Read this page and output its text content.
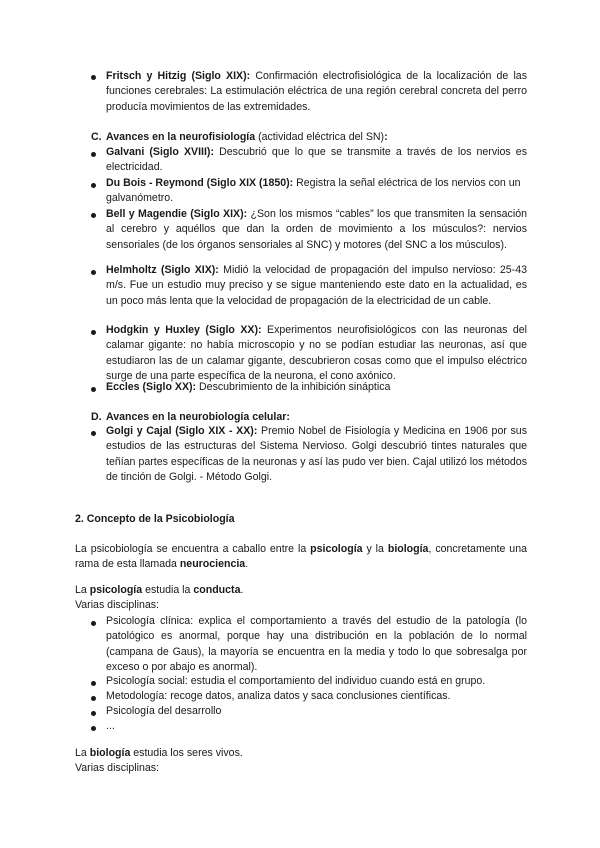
Fritsch y Hitzig (Siglo XIX): Confirmación electrofisiológica de la localización de las funciones cerebrales: La estimulación eléctrica de una región cerebral concreta del perro producía movimientos de las extremidades.
C. Avances en la neurofisiología (actividad eléctrica del SN):
Galvani (Siglo XVIII): Descubrió que lo que se transmite a través de los nervios es electricidad.
Du Bois - Reymond (Siglo XIX (1850): Registra la señal eléctrica de los nervios con un galvanómetro.
Bell y Magendie (Siglo XIX): ¿Son los mismos “cables” los que transmiten la sensación al cerebro y aquéllos que dan la orden de movimiento a los músculos?: nervios sensoriales (de los órganos sensoriales al SNC) y motores (del SNC a los músculos).
Helmholtz (Siglo XIX): Midió la velocidad de propagación del impulso nervioso: 25-43 m/s. Fue un estudio muy preciso y se sigue manteniendo este dato en la actualidad, es un poco más lenta que la velocidad de propagación de la electricidad de un cable.
Hodgkin y Huxley (Siglo XX): Experimentos neurofisiológicos con las neuronas del calamar gigante: no había microscopio y no se podían estudiar las neuronas, así que estudiaron las de un calamar gigante, descubrieron cosas como que el impulso eléctrico surge de una parte específica de la neurona, el cono axónico.
Eccles (Siglo XX): Descubrimiento de la inhibición sináptica
D. Avances en la neurobiología celular:
Golgi y Cajal (Siglo XIX - XX): Premio Nobel de Fisiología y Medicina en 1906 por sus estudios de las estructuras del Sistema Nervioso. Golgi descubrió tintes naturales que teñían partes específicas de la neuronas y así las pudo ver bien. Cajal utilizó los métodos de tinción de Golgi. - Método Golgi.
2. Concepto de la Psicobiología
La psicobiología se encuentra a caballo entre la psicología y la biología, concretamente una rama de esta llamada neurociencia.
La psicología estudia la conducta.
Varias disciplinas:
Psicología clínica: explica el comportamiento a través del estudio de la patología (lo patológico es anormal, porque hay una distribución en la población de lo normal (campana de Gaus), la mayoría se encuentra en la media y todo lo que sobresalga por exceso o por abajo es anormal).
Psicología social: estudia el comportamiento del individuo cuando está en grupo.
Metodología: recoge datos, analiza datos y saca conclusiones científicas.
Psicología del desarrollo
...
La biología estudia los seres vivos.
Varias disciplinas:
